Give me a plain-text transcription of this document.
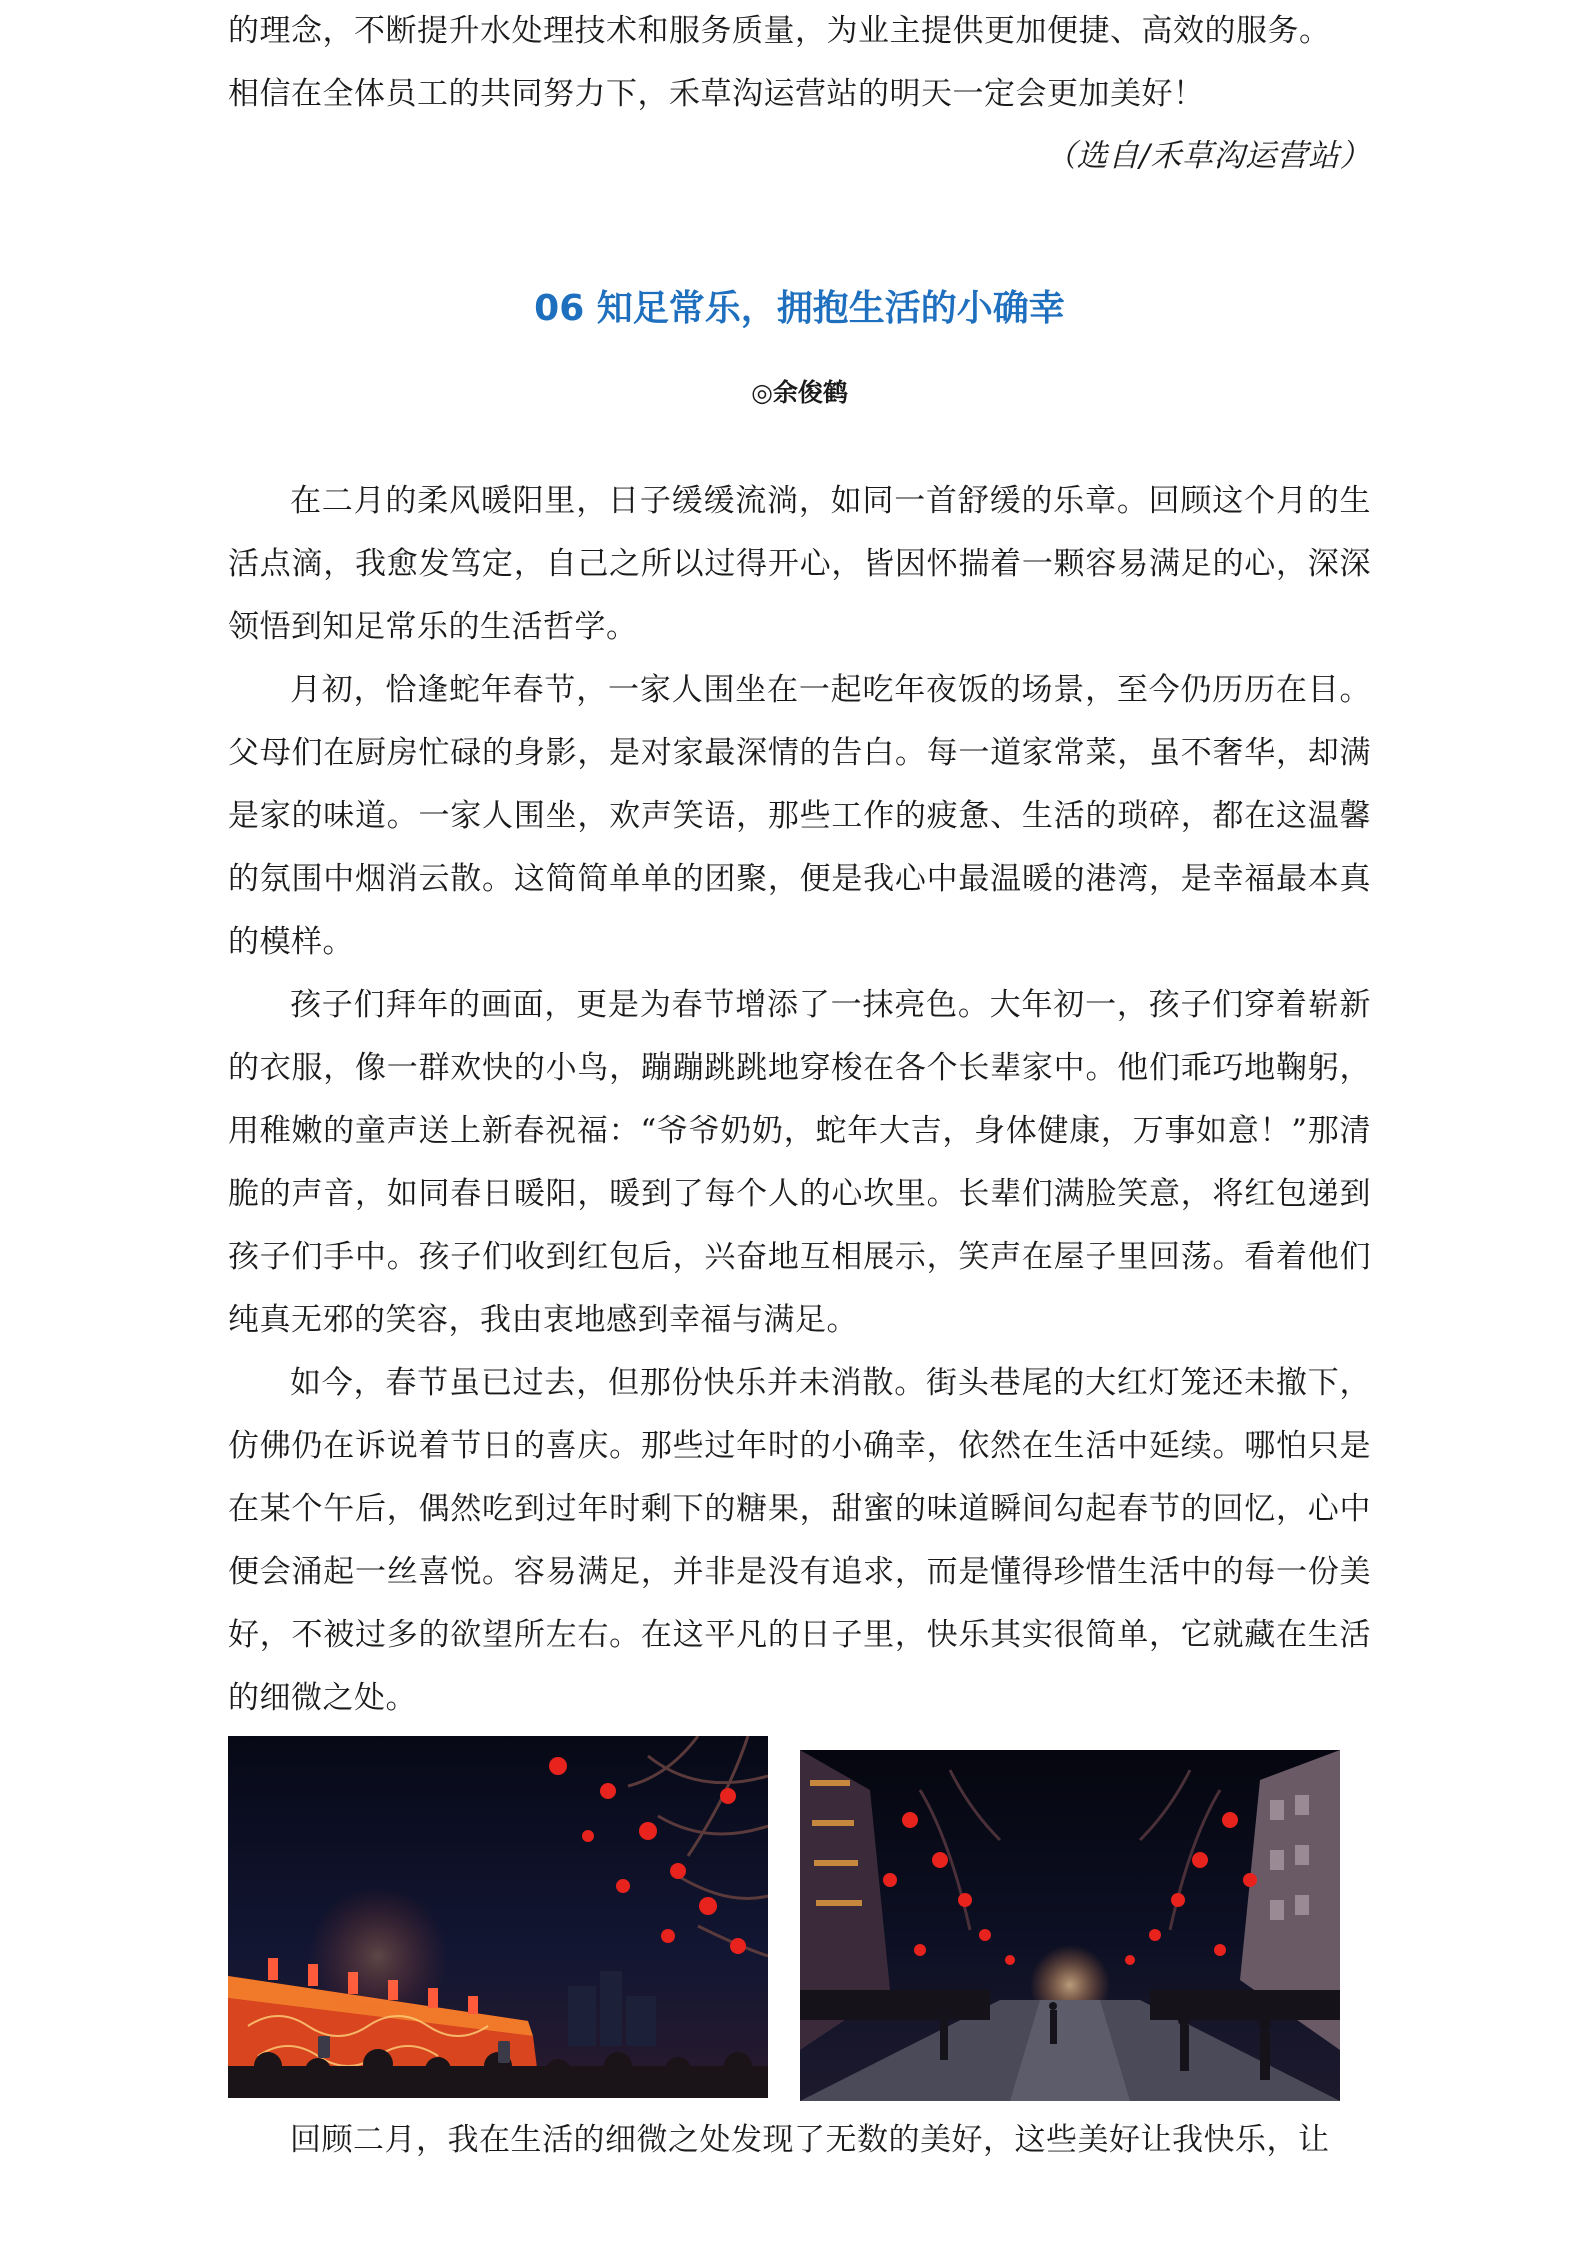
的理念，不断提升水处理技术和服务质量，为业主提供更加便捷、高效的服务。

相信在全体员工的共同努力下，禾草沟运营站的明天一定会更加美好！

（选自/禾草沟运营站）
06 知足常乐，拥抱生活的小确幸
◎余俊鹤

在二月的柔风暖阳里，日子缓缓流淌，如同一首舒缓的乐章。回顾这个月的生活点滴，我愈发笃定，自己之所以过得开心，皆因怀揣着一颗容易满足的心，深深领悟到知足常乐的生活哲学。

月初，恰逢蛇年春节，一家人围坐在一起吃年夜饭的场景，至今仍历历在目。父母们在厨房忙碌的身影，是对家最深情的告白。每一道家常菜，虽不奢华，却满是家的味道。一家人围坐，欢声笑语，那些工作的疲惫、生活的琐碎，都在这温馨的氛围中烟消云散。这简简单单的团聚，便是我心中最温暖的港湾，是幸福最本真的模样。

孩子们拜年的画面，更是为春节增添了一抹亮色。大年初一，孩子们穿着崭新的衣服，像一群欢快的小鸟，蹦蹦跳跳地穿梭在各个长辈家中。他们乖巧地鞠躬，用稚嫩的童声送上新春祝福：“爷爷奶奶，蛇年大吉，身体健康，万事如意！”那清脆的声音，如同春日暖阳，暖到了每个人的心坎里。长辈们满脸笑意，将红包递到孩子们手中。孩子们收到红包后，兴奋地互相展示，笑声在屋子里回荡。看着他们纯真无邪的笑容，我由衷地感到幸福与满足。

如今，春节虽已过去，但那份快乐并未消散。街头巷尾的大红灯笼还未撤下，仿佛仍在诉说着节日的喜庆。那些过年时的小确幸，依然在生活中延续。哪怕只是在某个午后，偶然吃到过年时剩下的糖果，甜蜜的味道瞬间勾起春节的回忆，心中便会涌起一丝喜悦。容易满足，并非是没有追求，而是懂得珍惜生活中的每一份美好，不被过多的欲望所左右。在这平凡的日子里，快乐其实很简单，它就藏在生活的细微之处。

回顾二月，我在生活的细微之处发现了无数的美好，这些美好让我快乐，让
